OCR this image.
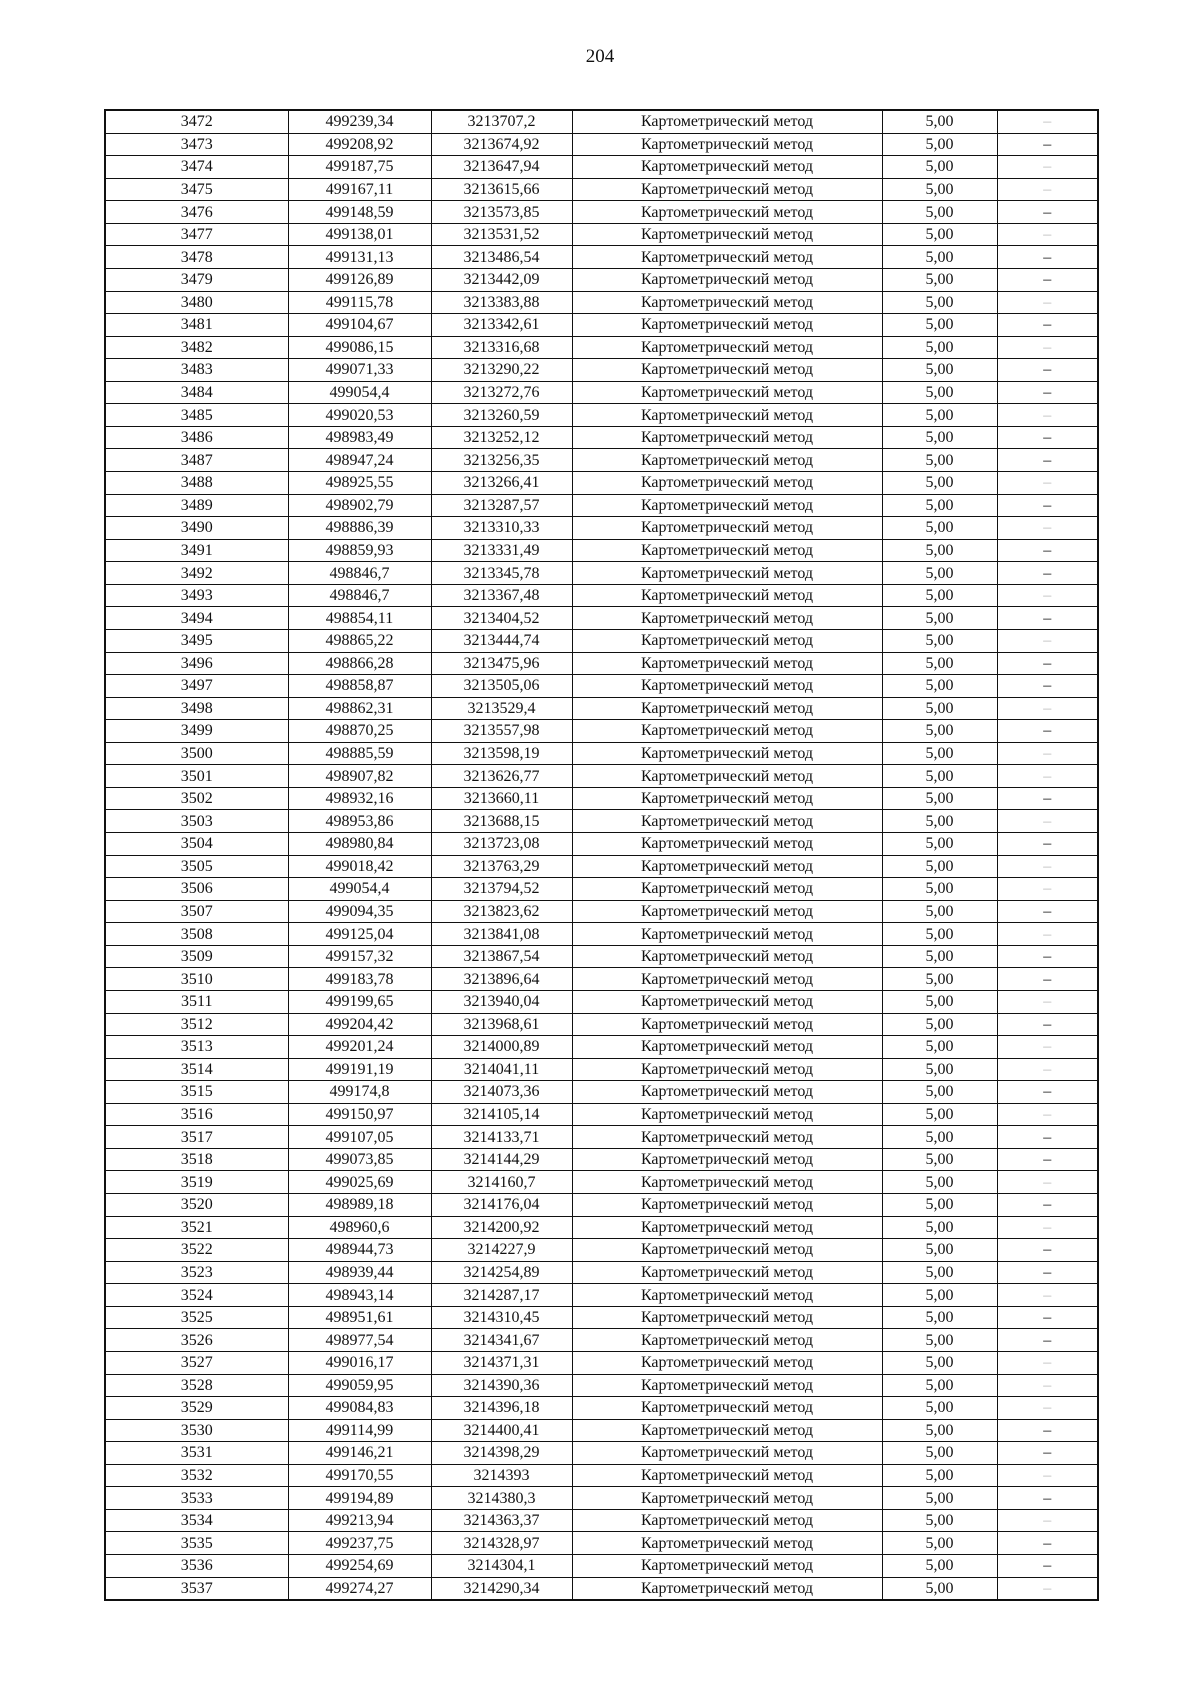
204
3472	499239,34	3213707,2	Картометрический метод	5,00	–
3473	499208,92	3213674,92	Картометрический метод	5,00	–
3474	499187,75	3213647,94	Картометрический метод	5,00	–
3475	499167,11	3213615,66	Картометрический метод	5,00	–
3476	499148,59	3213573,85	Картометрический метод	5,00	–
3477	499138,01	3213531,52	Картометрический метод	5,00	–
3478	499131,13	3213486,54	Картометрический метод	5,00	–
3479	499126,89	3213442,09	Картометрический метод	5,00	–
3480	499115,78	3213383,88	Картометрический метод	5,00	–
3481	499104,67	3213342,61	Картометрический метод	5,00	–
3482	499086,15	3213316,68	Картометрический метод	5,00	–
3483	499071,33	3213290,22	Картометрический метод	5,00	–
3484	499054,4	3213272,76	Картометрический метод	5,00	–
3485	499020,53	3213260,59	Картометрический метод	5,00	–
3486	498983,49	3213252,12	Картометрический метод	5,00	–
3487	498947,24	3213256,35	Картометрический метод	5,00	–
3488	498925,55	3213266,41	Картометрический метод	5,00	–
3489	498902,79	3213287,57	Картометрический метод	5,00	–
3490	498886,39	3213310,33	Картометрический метод	5,00	–
3491	498859,93	3213331,49	Картометрический метод	5,00	–
3492	498846,7	3213345,78	Картометрический метод	5,00	–
3493	498846,7	3213367,48	Картометрический метод	5,00	–
3494	498854,11	3213404,52	Картометрический метод	5,00	–
3495	498865,22	3213444,74	Картометрический метод	5,00	–
3496	498866,28	3213475,96	Картометрический метод	5,00	–
3497	498858,87	3213505,06	Картометрический метод	5,00	–
3498	498862,31	3213529,4	Картометрический метод	5,00	–
3499	498870,25	3213557,98	Картометрический метод	5,00	–
3500	498885,59	3213598,19	Картометрический метод	5,00	–
3501	498907,82	3213626,77	Картометрический метод	5,00	–
3502	498932,16	3213660,11	Картометрический метод	5,00	–
3503	498953,86	3213688,15	Картометрический метод	5,00	–
3504	498980,84	3213723,08	Картометрический метод	5,00	–
3505	499018,42	3213763,29	Картометрический метод	5,00	–
3506	499054,4	3213794,52	Картометрический метод	5,00	–
3507	499094,35	3213823,62	Картометрический метод	5,00	–
3508	499125,04	3213841,08	Картометрический метод	5,00	–
3509	499157,32	3213867,54	Картометрический метод	5,00	–
3510	499183,78	3213896,64	Картометрический метод	5,00	–
3511	499199,65	3213940,04	Картометрический метод	5,00	–
3512	499204,42	3213968,61	Картометрический метод	5,00	–
3513	499201,24	3214000,89	Картометрический метод	5,00	–
3514	499191,19	3214041,11	Картометрический метод	5,00	–
3515	499174,8	3214073,36	Картометрический метод	5,00	–
3516	499150,97	3214105,14	Картометрический метод	5,00	–
3517	499107,05	3214133,71	Картометрический метод	5,00	–
3518	499073,85	3214144,29	Картометрический метод	5,00	–
3519	499025,69	3214160,7	Картометрический метод	5,00	–
3520	498989,18	3214176,04	Картометрический метод	5,00	–
3521	498960,6	3214200,92	Картометрический метод	5,00	–
3522	498944,73	3214227,9	Картометрический метод	5,00	–
3523	498939,44	3214254,89	Картометрический метод	5,00	–
3524	498943,14	3214287,17	Картометрический метод	5,00	–
3525	498951,61	3214310,45	Картометрический метод	5,00	–
3526	498977,54	3214341,67	Картометрический метод	5,00	–
3527	499016,17	3214371,31	Картометрический метод	5,00	–
3528	499059,95	3214390,36	Картометрический метод	5,00	–
3529	499084,83	3214396,18	Картометрический метод	5,00	–
3530	499114,99	3214400,41	Картометрический метод	5,00	–
3531	499146,21	3214398,29	Картометрический метод	5,00	–
3532	499170,55	3214393	Картометрический метод	5,00	–
3533	499194,89	3214380,3	Картометрический метод	5,00	–
3534	499213,94	3214363,37	Картометрический метод	5,00	–
3535	499237,75	3214328,97	Картометрический метод	5,00	–
3536	499254,69	3214304,1	Картометрический метод	5,00	–
3537	499274,27	3214290,34	Картометрический метод	5,00	–
